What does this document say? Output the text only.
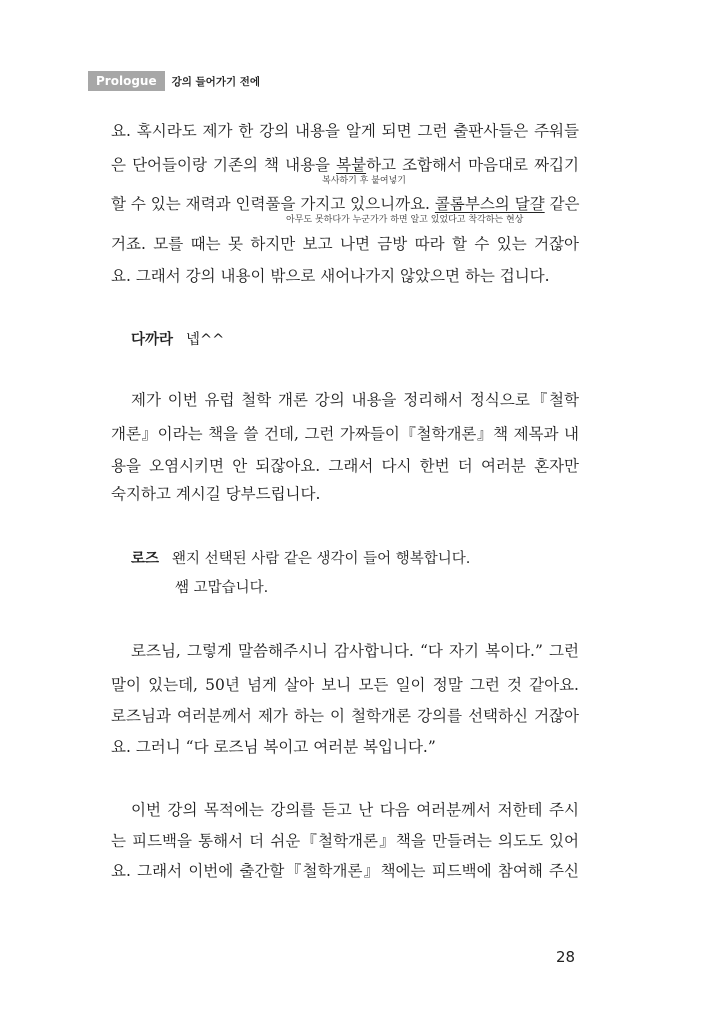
Prologue	강의 들어가기 전에
요. 혹시라도 제가 한 강의 내용을 알게 되면 그런 출판사들은 주워들
은 단어들이랑 기존의 책 내용을 복붙하고 조합해서 마음대로 짜깁기
복사하기 후 붙여넣기
할 수 있는 재력과 인력풀을 가지고 있으니까요. 콜롬부스의 달걀 같은
아무도 못하다가 누군가가 하면 알고 있었다고 착각하는 현상
거죠. 모를 때는 못 하지만 보고 나면 금방 따라 할 수 있는 거잖아
요. 그래서 강의 내용이 밖으로 새어나가지 않았으면 하는 겁니다.
다까라 넵^^
제가 이번 유럽 철학 개론 강의 내용을 정리해서 정식으로『철학
개론』이라는 책을 쓸 건데, 그런 가짜들이『철학개론』책 제목과 내
용을 오염시키면 안 되잖아요. 그래서 다시 한번 더 여러분 혼자만
숙지하고 계시길 당부드립니다.
로즈 왠지 선택된 사람 같은 생각이 들어 행복합니다.
쌤 고맙습니다.
로즈님, 그렇게 말씀해주시니 감사합니다. “다 자기 복이다.” 그런
말이 있는데, 50년 넘게 살아 보니 모든 일이 정말 그런 것 같아요.
로즈님과 여러분께서 제가 하는 이 철학개론 강의를 선택하신 거잖아
요. 그러니 “다 로즈님 복이고 여러분 복입니다.”
이번 강의 목적에는 강의를 듣고 난 다음 여러분께서 저한테 주시
는 피드백을 통해서 더 쉬운『철학개론』책을 만들려는 의도도 있어
요. 그래서 이번에 출간할『철학개론』책에는 피드백에 참여해 주신
28
